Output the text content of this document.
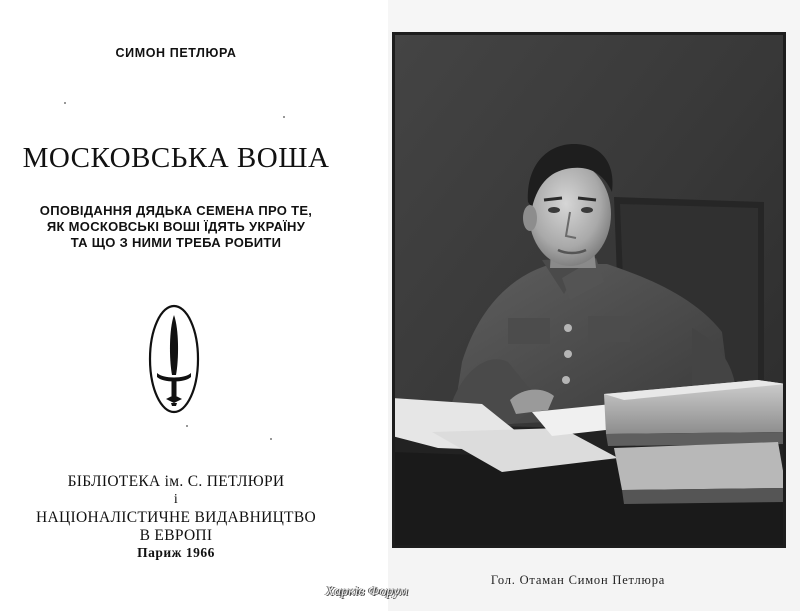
СИМОН ПЕТЛЮРА
МОСКОВСЬКА ВОША
ОПОВІДАННЯ ДЯДЬКА СЕМЕНА ПРО ТЕ,
ЯК МОСКОВСЬКІ ВОШІ ЇДЯТЬ УКРАЇНУ
ТА ЩО З НИМИ ТРЕБА РОБИТИ
БІБЛІОТЕКА ім. С. ПЕТЛЮРИ
і
НАЦІОНАЛІСТИЧНЕ ВИДАВНИЦТВО
В ЕВРОПІ
Париж 1966
Гол. Отаман Симон Петлюра
Харків Форум
